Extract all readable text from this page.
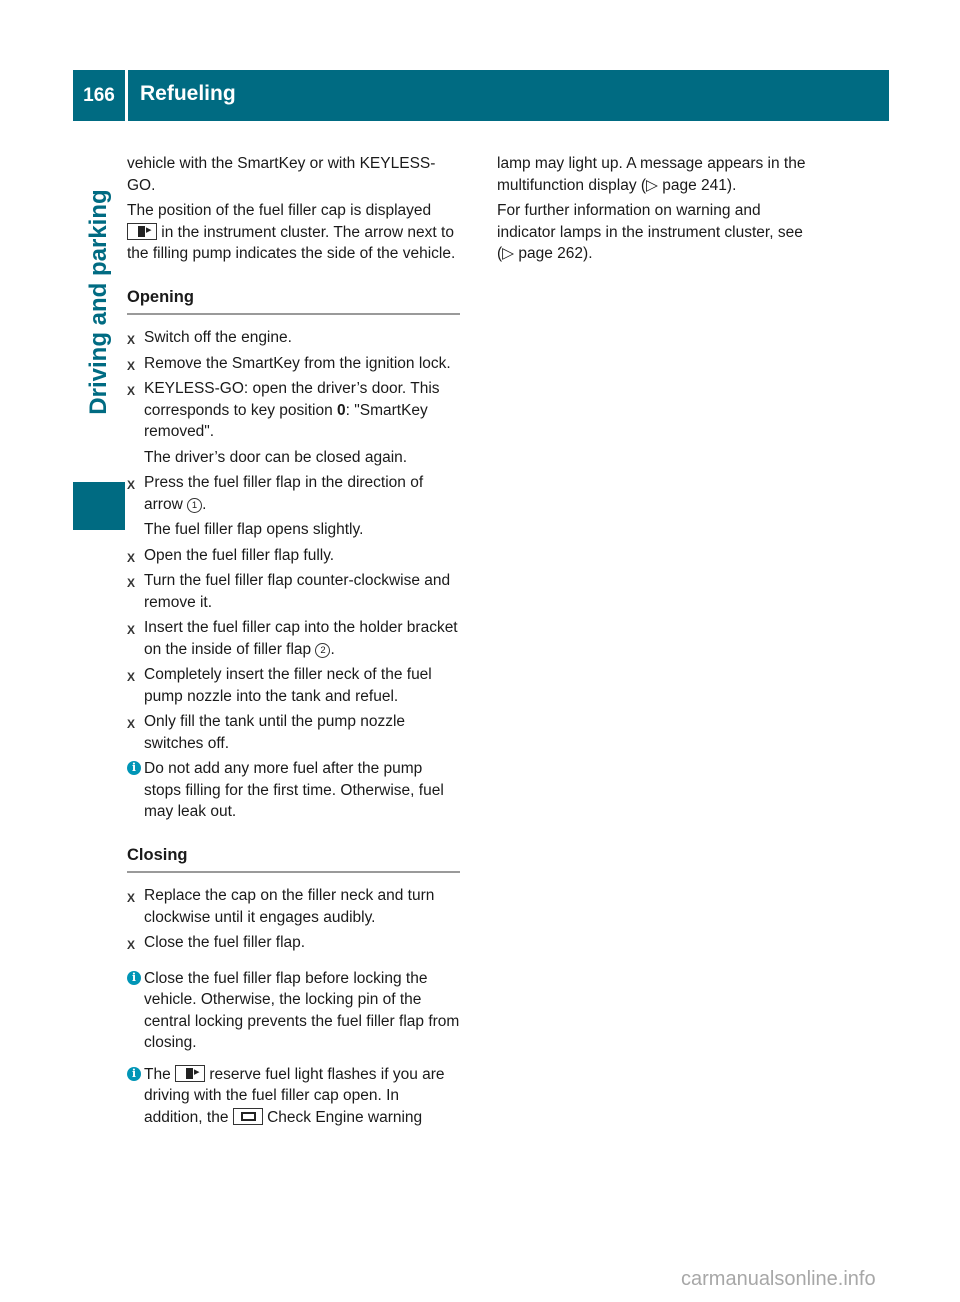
166	Refueling
Driving and parking

vehicle with the SmartKey or with KEYLESS-GO.

The position of the fuel filler cap is displayed ▸ in the instrument cluster. The arrow next to the filling pump indicates the side of the vehicle.

Opening
X Switch off the engine.
X Remove the SmartKey from the ignition lock.
X KEYLESS-GO: open the driver’s door. This corresponds to key position 0: "SmartKey removed".

The driver’s door can be closed again.

X Press the fuel filler flap in the direction of arrow 1 .

The fuel filler flap opens slightly.

X Open the fuel filler flap fully.
X Turn the fuel filler flap counter-clockwise and remove it.
X Insert the fuel filler cap into the holder bracket on the inside of filler flap 2 .
X Completely insert the filler neck of the fuel pump nozzle into the tank and refuel.
X Only fill the tank until the pump nozzle switches off.
i Do not add any more fuel after the pump stops filling for the first time. Otherwise, fuel may leak out.
Closing
X Replace the cap on the filler neck and turn clockwise until it engages audibly.
X Close the fuel filler flap.
i Close the fuel filler flap before locking the vehicle. Otherwise, the locking pin of the central locking prevents the fuel filler flap from closing.
i The ▸ reserve fuel light flashes if you are driving with the fuel filler cap open. In addition, the  Check Engine warning

lamp may light up. A message appears in the multifunction display (▷ page 241).

For further information on warning and indicator lamps in the instrument cluster, see (▷ page 262).

carmanualsonline.info
